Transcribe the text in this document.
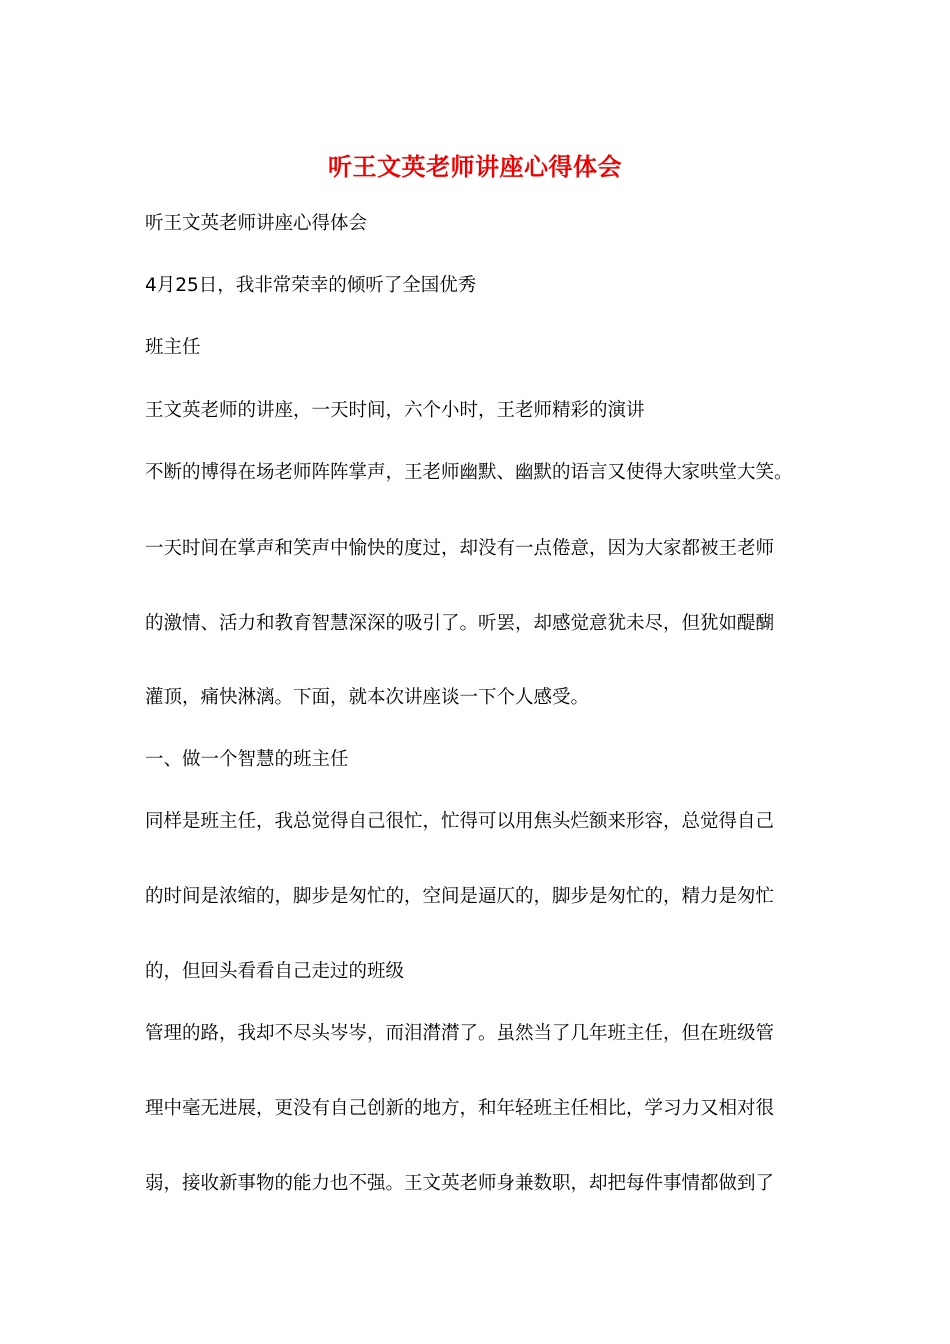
听王文英老师讲座心得体会
听王文英老师讲座心得体会
4月25日，我非常荣幸的倾听了全国优秀
班主任
王文英老师的讲座，一天时间，六个小时，王老师精彩的演讲
不断的博得在场老师阵阵掌声，王老师幽默、幽默的语言又使得大家哄堂大笑。
一天时间在掌声和笑声中愉快的度过，却没有一点倦意，因为大家都被王老师
的激情、活力和教育智慧深深的吸引了。听罢，却感觉意犹未尽，但犹如醍醐
灌顶，痛快淋漓。下面，就本次讲座谈一下个人感受。
一、做一个智慧的班主任
同样是班主任，我总觉得自己很忙，忙得可以用焦头烂额来形容，总觉得自己
的时间是浓缩的，脚步是匆忙的，空间是逼仄的，脚步是匆忙的，精力是匆忙
的，但回头看看自己走过的班级
管理的路，我却不尽头岑岑，而泪潸潸了。虽然当了几年班主任，但在班级管
理中毫无进展，更没有自己创新的地方，和年轻班主任相比，学习力又相对很
弱，接收新事物的能力也不强。王文英老师身兼数职，却把每件事情都做到了
